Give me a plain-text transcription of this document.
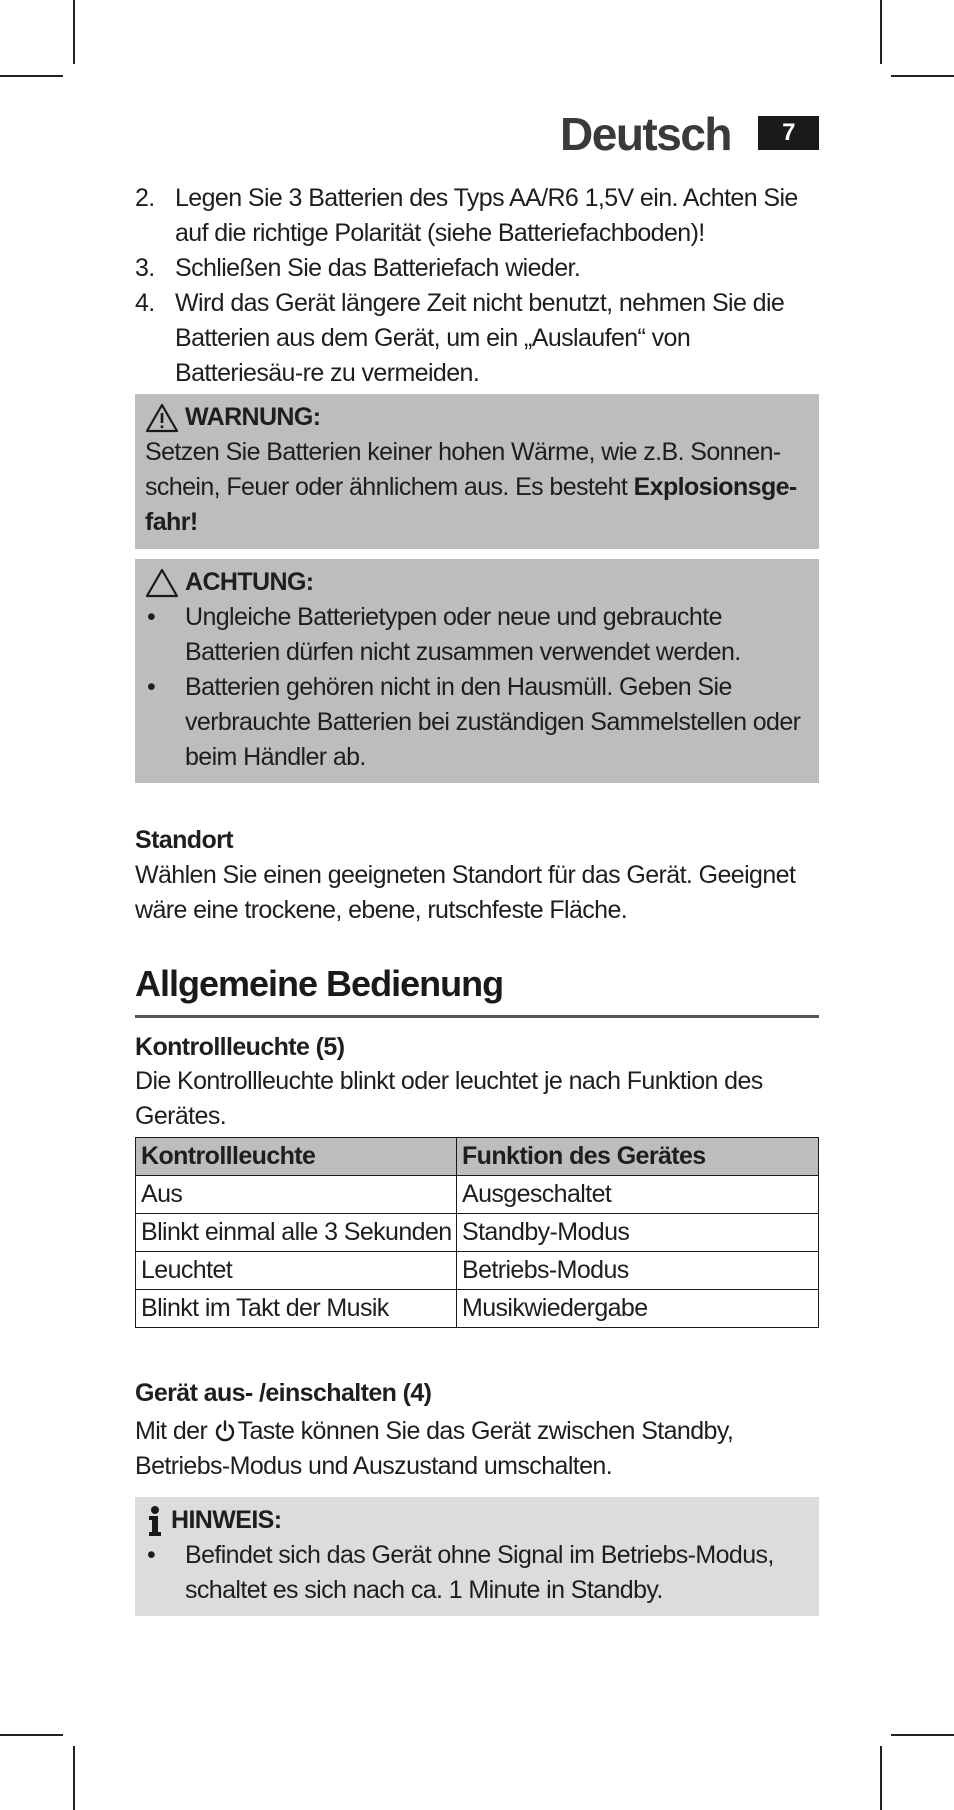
Deutsch	7
2. Legen Sie 3 Batterien des Typs AA/R6 1,5V ein. Achten Sie auf die richtige Polarität (siehe Batteriefachboden)!
3. Schließen Sie das Batteriefach wieder.
4. Wird das Gerät längere Zeit nicht benutzt, nehmen Sie die Batterien aus dem Gerät, um ein „Auslaufen“ von Batteriesäu-re zu vermeiden.
WARNUNG:
Setzen Sie Batterien keiner hohen Wärme, wie z.B. Sonnen-schein, Feuer oder ähnlichem aus. Es besteht Explosionsge-fahr!
ACHTUNG:
• Ungleiche Batterietypen oder neue und gebrauchte Batterien dürfen nicht zusammen verwendet werden.
• Batterien gehören nicht in den Hausmüll. Geben Sie verbrauchte Batterien bei zuständigen Sammelstellen oder beim Händler ab.
Standort
Wählen Sie einen geeigneten Standort für das Gerät. Geeignet wäre eine trockene, ebene, rutschfeste Fläche.
Allgemeine Bedienung
Kontrollleuchte (5)
Die Kontrollleuchte blinkt oder leuchtet je nach Funktion des Gerätes.
Kontrollleuchte	Funktion des Gerätes
Aus	Ausgeschaltet
Blinkt einmal alle 3 Sekunden	Standby-Modus
Leuchtet	Betriebs-Modus
Blinkt im Takt der Musik	Musikwiedergabe
Gerät aus- /einschalten (4)
Mit der Taste können Sie das Gerät zwischen Standby, Betriebs-Modus und Auszustand umschalten.
HINWEIS:
• Befindet sich das Gerät ohne Signal im Betriebs-Modus, schaltet es sich nach ca. 1 Minute in Standby.
